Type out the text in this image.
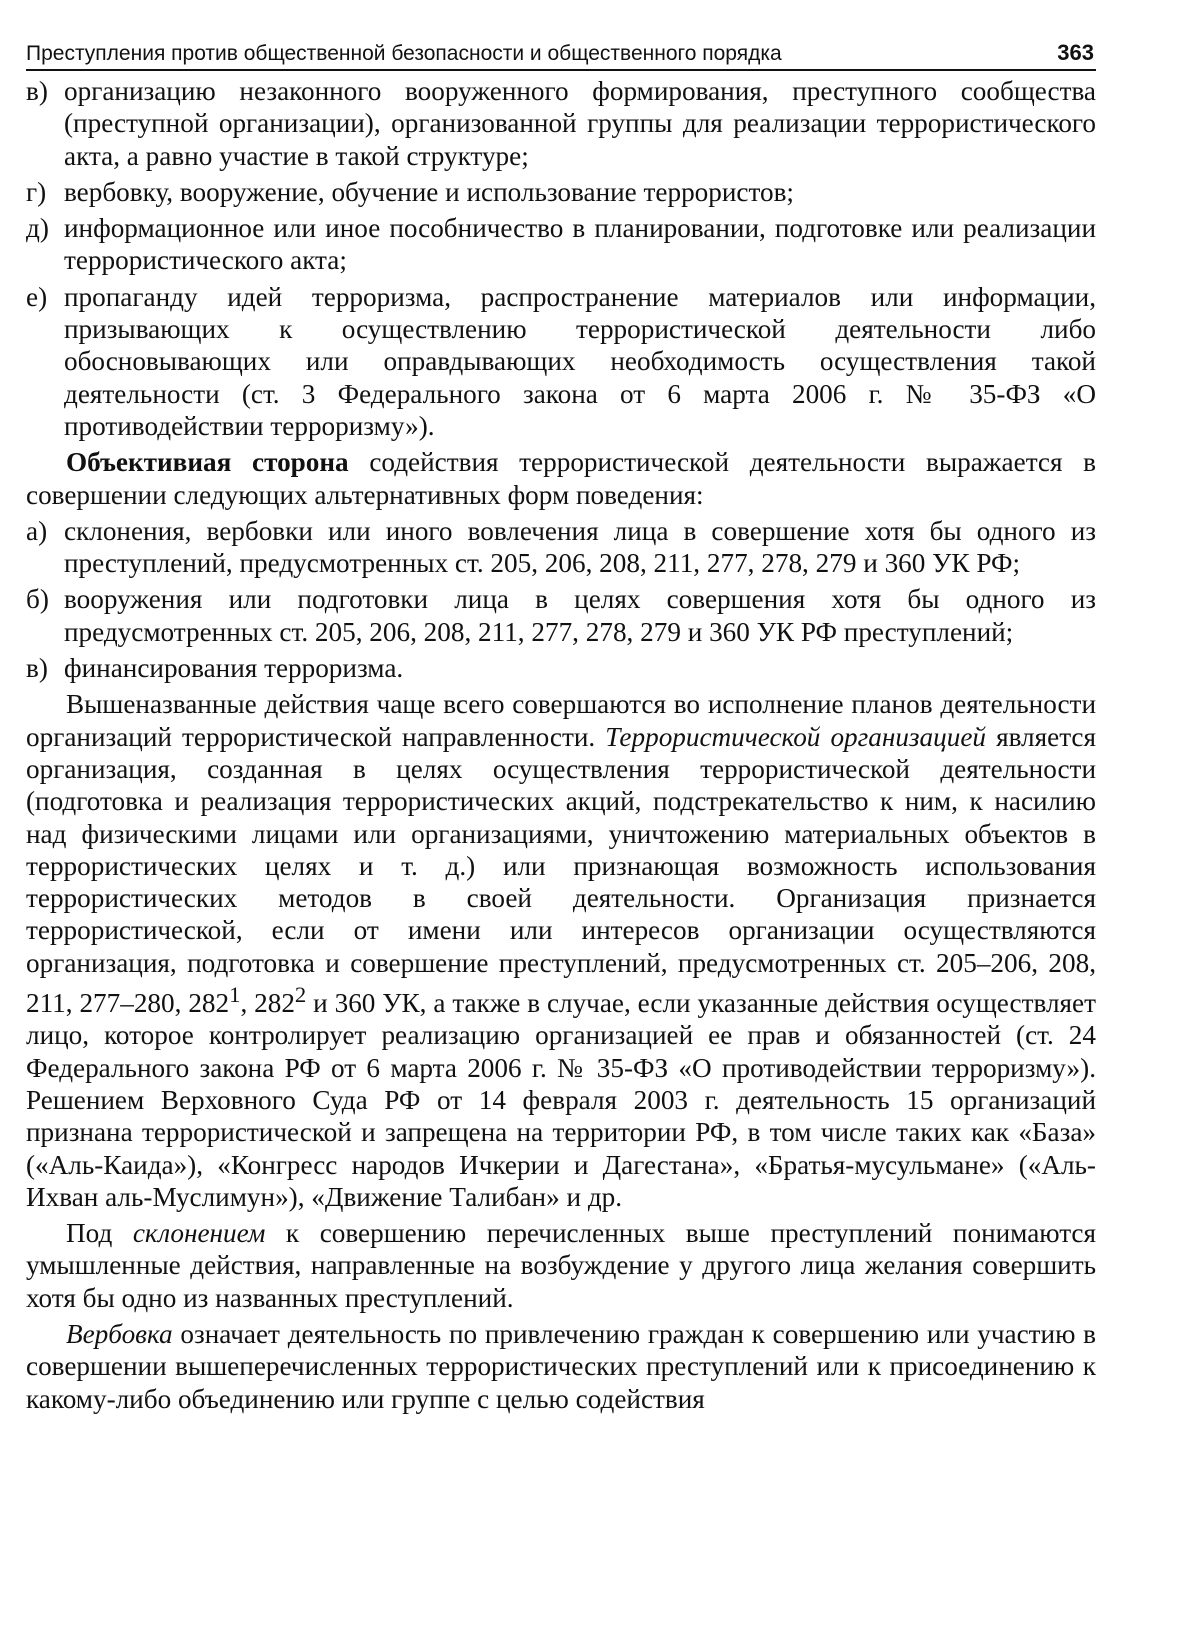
Преступления против общественной безопасности и общественного порядка	363
в) организацию незаконного вооруженного формирования, преступного сообщества (преступной организации), организованной группы для реализации террористического акта, а равно участие в такой структуре;
г) вербовку, вооружение, обучение и использование террористов;
д) информационное или иное пособничество в планировании, подготовке или реализации террористического акта;
е) пропаганду идей терроризма, распространение материалов или информации, призывающих к осуществлению террористической деятельности либо обосновывающих или оправдывающих необходимость осуществления такой деятельности (ст. 3 Федерального закона от 6 марта 2006 г. № 35-ФЗ «О противодействии терроризму»).
Объективиая сторона содействия террористической деятельности выражается в совершении следующих альтернативных форм поведения:
а) склонения, вербовки или иного вовлечения лица в совершение хотя бы одного из преступлений, предусмотренных ст. 205, 206, 208, 211, 277, 278, 279 и 360 УК РФ;
б) вооружения или подготовки лица в целях совершения хотя бы одного из предусмотренных ст. 205, 206, 208, 211, 277, 278, 279 и 360 УК РФ преступлений;
в) финансирования терроризма.
Вышеназванные действия чаще всего совершаются во исполнение планов деятельности организаций террористической направленности. Террористической организацией является организация, созданная в целях осуществления террористической деятельности (подготовка и реализация террористических акций, подстрекательство к ним, к насилию над физическими лицами или организациями, уничтожению материальных объектов в террористических целях и т. д.) или признающая возможность использования террористических методов в своей деятельности. Организация признается террористической, если от имени или интересов организации осуществляются организация, подготовка и совершение преступлений, предусмотренных ст. 205–206, 208, 211, 277–280, $282^1$, $282^2$ и 360 УК, а также в случае, если указанные действия осуществляет лицо, которое контролирует реализацию организацией ее прав и обязанностей (ст. 24 Федерального закона РФ от 6 марта 2006 г. № 35-ФЗ «О противодействии терроризму»). Решением Верховного Суда РФ от 14 февраля 2003 г. деятельность 15 организаций признана террористической и запрещена на территории РФ, в том числе таких как «База» («Аль-Каида»), «Конгресс народов Ичкерии и Дагестана», «Братья-мусульмане» («Аль-Ихван аль-Муслимун»), «Движение Талибан» и др.
Под склонением к совершению перечисленных выше преступлений понимаются умышленные действия, направленные на возбуждение у другого лица желания совершить хотя бы одно из названных преступлений.
Вербовка означает деятельность по привлечению граждан к совершению или участию в совершении вышеперечисленных террористических преступлений или к присоединению к какому-либо объединению или группе с целью содействия
